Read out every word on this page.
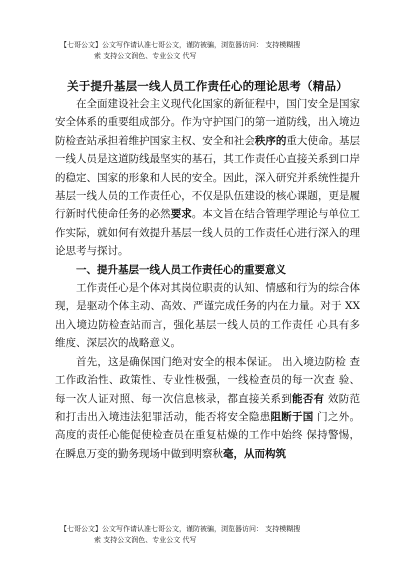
【七哥公文】公文写作请认准七哥公文，谨防被骗，浏览器访问： 支持模糊搜
索 支持公文润色、专业公文 代写
关于提升基层一线人员工作责任心的理论思考（精品）

在全面建设社会主义现代化国家的新征程中，国门安全是国家安全体系的重要组成部分。作为守护国门的第一道防线，出入境边防检查站承担着维护国家主权、安全和社会秩序的重大使命。基层一线人员是这道防线最坚实的基石，其工作责任心直接关系到口岸的稳定、国家的形象和人民的安全。因此，深入研究并系统性提升基层一线人员的工作责任心，不仅是队伍建设的核心课题，更是履行新时代使命任务的必然要求。本文旨在结合管理学理论与单位工作实际，就如何有效提升基层一线人员的工作责任心进行深入的理论思考与探讨。

一、提升基层一线人员工作责任心的重要意义

工作责任心是个体对其岗位职责的认知、情感和行为的综合体现，是驱动个体主动、高效、严谨完成任务的内在力量。对于 XX 出入境边防检查站而言，强化基层一线人员的工作责任 心具有多维度、深层次的战略意义。

首先，这是确保国门绝对安全的根本保证。 出入境边防检 查工作政治性、政策性、专业性极强，一线检查员的每一次查 验、每一次人证对照、每一次信息核录，都直接关系到能否有 效防范和打击出入境违法犯罪活动，能否将安全隐患阻断于国 门之外。高度的责任心能促使检查员在重复枯燥的工作中始终 保持警惕，在瞬息万变的勤务现场中做到明察秋毫，从而构筑

【七哥公文】公文写作请认准七哥公文，谨防被骗，浏览器访问： 支持模糊搜
索 支持公文润色、专业公文 代写
